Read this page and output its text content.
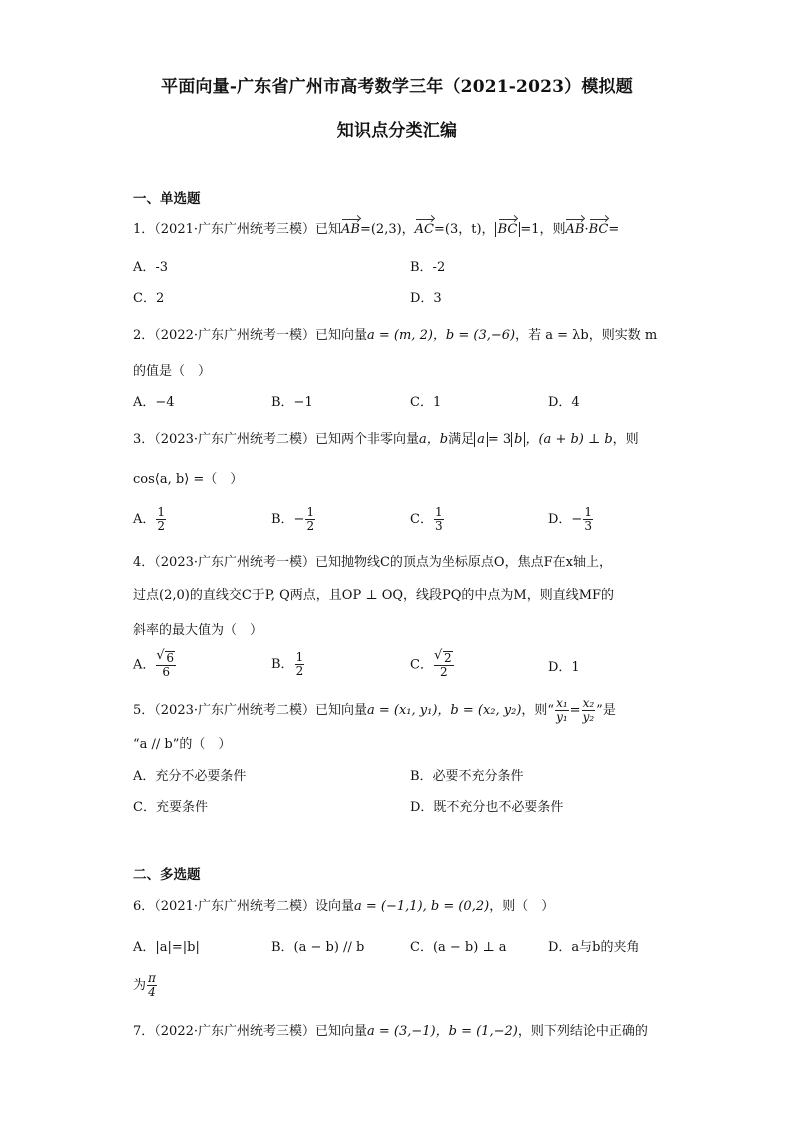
平面向量-广东省广州市高考数学三年（2021-2023）模拟题
知识点分类汇编
一、单选题
1．（2021·广东广州统考三模）已知AB=(2,3)，AC=(3，t)， BC =1，则AB·BC=
A．-3	B．-2
C．2	D．3
2．（2022·广东广州统考一模）已知向量a = (m, 2)，b = (3,−6)，若 a = λb，则实数 m
的值是（　）
A．−4	B．−1	C．1	D．4
3．（2023·广东广州统考二模）已知两个非零向量a，b满足 a = 3 b ，(a + b) ⊥ b，则
cos⟨a, b⟩ =（　）
A． $\frac{1}{2}$	B．− $\frac{1}{2}$	C． $\frac{1}{3}$	D．− $\frac{1}{3}$
4．（2023·广东广州统考一模）已知抛物线C的顶点为坐标原点O，焦点F在x轴上，
过点(2,0)的直线交C于P, Q两点，且OP ⊥ OQ，线段PQ的中点为M，则直线MF的
斜率的最大值为（　）
A． √ $\frac{6}{6}$	B． $\frac{1}{2}$	C． √ $\frac{2}{2}$	D．1
5．（2023·广东广州统考二模）已知向量a = (x₁, y₁)，b = (x₂, y₂)，则“ $\frac{\text{x₁}}{\text{y₁}} = \frac{\text{x₂}}{\text{y₂}}$ ”是
“a // b”的（　）
A．充分不必要条件	B．必要不充分条件
C．充要条件	D．既不充分也不必要条件
二、多选题
6．（2021·广东广州统考二模）设向量a = (−1,1), b = (0,2)，则（　）
A．|a|=|b|	B．(a − b) // b	C．(a − b) ⊥ a	D．a与b的夹角
为 $\frac{\pi}{4}$
7．（2022·广东广州统考三模）已知向量a = (3,−1)，b = (1,−2)，则下列结论中正确的
